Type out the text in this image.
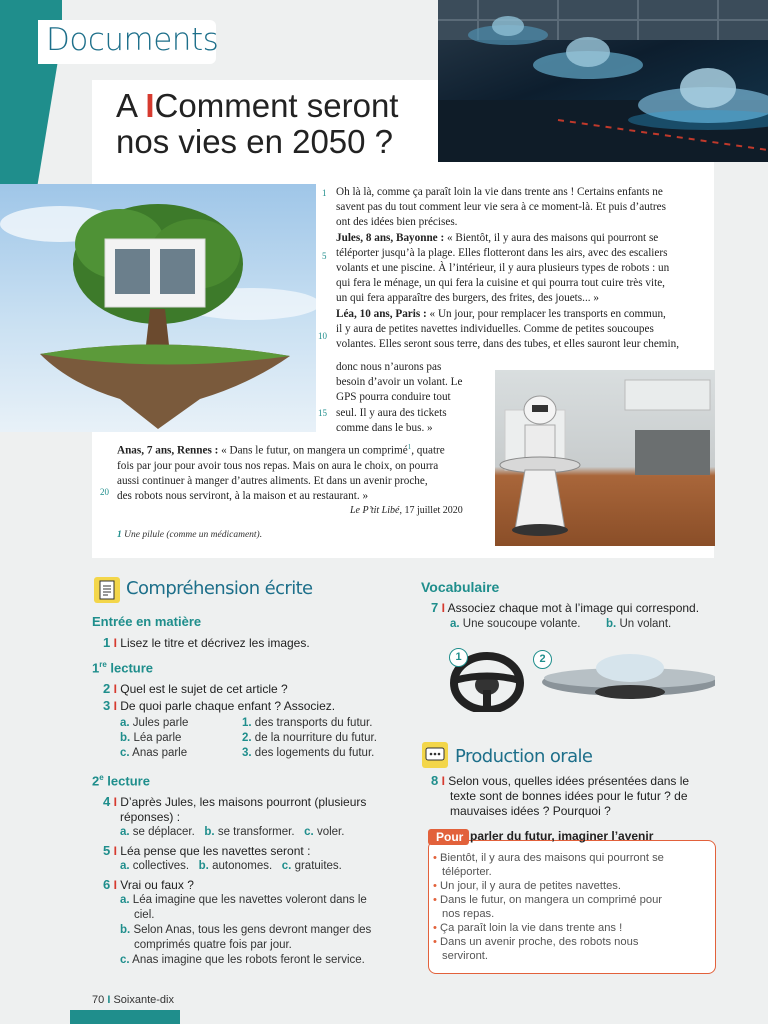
Documents
A IComment seront
nos vies en 2050 ?
1
5
10
15
20
Oh là là, comme ça paraît loin la vie dans trente ans ! Certains enfants ne
savent pas du tout comment leur vie sera à ce moment-là. Et puis d’autres
ont des idées bien précises.
Jules, 8 ans, Bayonne : « Bientôt, il y aura des maisons qui pourront se
téléporter jusqu’à la plage. Elles flotteront dans les airs, avec des escaliers
volants et une piscine. À l’intérieur, il y aura plusieurs types de robots : un
qui fera le ménage, un qui fera la cuisine et qui pourra tout cuire très vite,
un qui fera apparaître des burgers, des frites, des jouets... »
Léa, 10 ans, Paris : « Un jour, pour remplacer les transports en commun,
il y aura de petites navettes individuelles. Comme de petites soucoupes
volantes. Elles seront sous terre, dans des tubes, et elles sauront leur chemin,
donc nous n’aurons pas
besoin d’avoir un volant. Le
GPS pourra conduire tout
seul. Il y aura des tickets
comme dans le bus. »
Anas, 7 ans, Rennes : « Dans le futur, on mangera un comprimé$^1$, quatre
fois par jour pour avoir tous nos repas. Mais on aura le choix, on pourra
aussi continuer à manger d’autres aliments. Et dans un avenir proche,
des robots nous serviront, à la maison et au restaurant. »
Le P’tit Libé, 17 juillet 2020
1 Une pilule (comme un médicament).
Compréhension écrite
Entrée en matière
1 I Lisez le titre et décrivez les images.
1re lecture
2 I Quel est le sujet de cet article ?
3 I De quoi parle chaque enfant ? Associez.
a. Jules parle
b. Léa parle
c. Anas parle
1. des transports du futur.
2. de la nourriture du futur.
3. des logements du futur.
2e lecture
4 I D’après Jules, les maisons pourront (plusieurs
réponses) :
a. se déplacer. b. se transformer. c. voler.
5 I Léa pense que les navettes seront :
a. collectives. b. autonomes. c. gratuites.
6 I Vrai ou faux ?
a. Léa imagine que les navettes voleront dans le
ciel.
b. Selon Anas, tous les gens devront manger des
comprimés quatre fois par jour.
c. Anas imagine que les robots feront le service.
Vocabulaire
7 I Associez chaque mot à l’image qui correspond.
a. Une soucoupe volante. b. Un volant.
1	2
Production orale
8 I Selon vous, quelles idées présentées dans le
texte sont de bonnes idées pour le futur ? de
mauvaises idées ? Pourquoi ?
Pour parler du futur, imaginer l’avenir
• Bientôt, il y aura des maisons qui pourront se
téléporter.
• Un jour, il y aura de petites navettes.
• Dans le futur, on mangera un comprimé pour
nos repas.
• Ça paraît loin la vie dans trente ans !
• Dans un avenir proche, des robots nous
serviront.
70 I Soixante-dix
